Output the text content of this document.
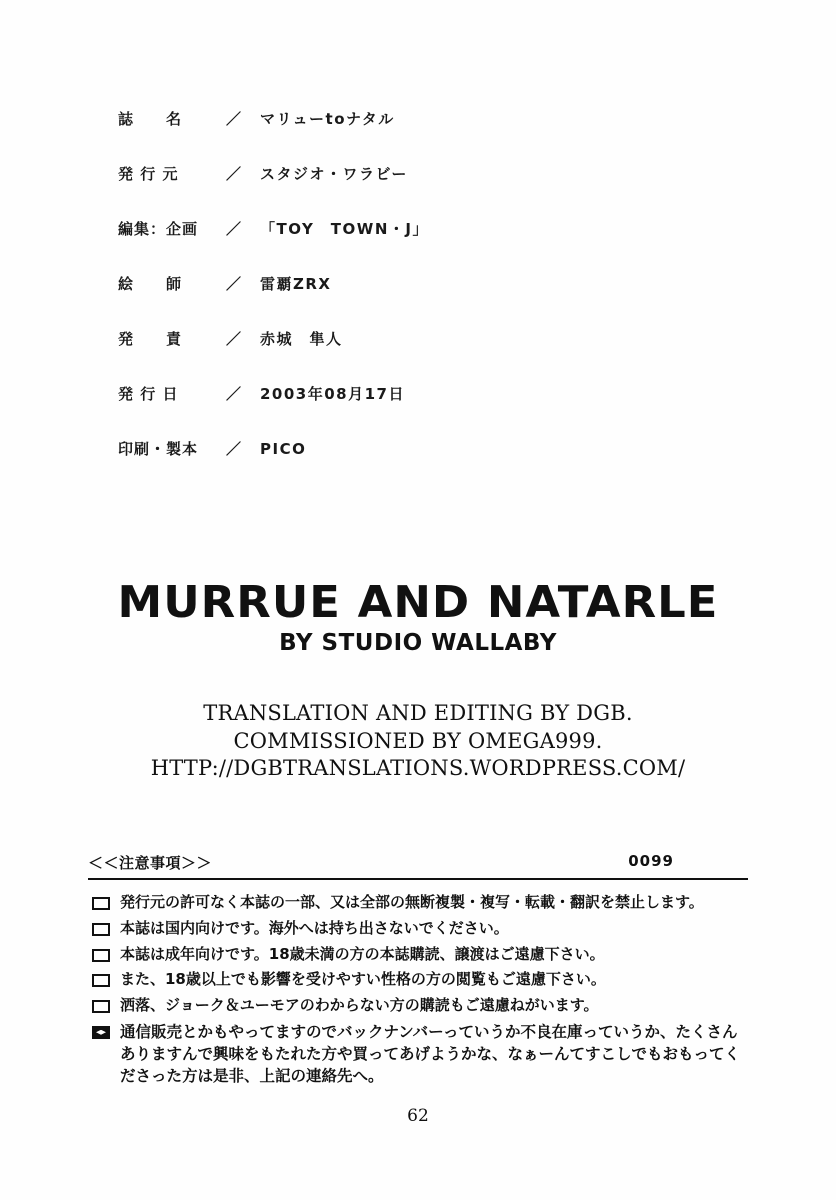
誌　　名	／	マリューtoナタル
発 行 元	／	スタジオ・ワラビー
編集：企画	／	「TOY　TOWN・J」
絵　　師	／	雷覇ZRX
発　　責	／	赤城　隼人
発 行 日	／	2003年08月17日
印刷・製本	／	PICO
MURRUE AND NATARLE
BY STUDIO WALLABY
TRANSLATION AND EDITING BY DGB.
COMMISSIONED BY OMEGA999.
HTTP://DGBTRANSLATIONS.WORDPRESS.COM/
＜＜注意事項＞＞	0099
発行元の許可なく本誌の一部、又は全部の無断複製・複写・転載・翻訳を禁止します。
本誌は国内向けです。海外へは持ち出さないでください。
本誌は成年向けです。18歳未満の方の本誌購読、譲渡はご遠慮下さい。
また、18歳以上でも影響を受けやすい性格の方の閲覧もご遠慮下さい。
洒落、ジョーク＆ユーモアのわからない方の購読もご遠慮ねがいます。
通信販売とかもやってますのでバックナンバーっていうか不良在庫っていうか、たくさんありますんで興味をもたれた方や買ってあげようかな、なぁーんてすこしでもおもってくださった方は是非、上記の連絡先へ。
62
